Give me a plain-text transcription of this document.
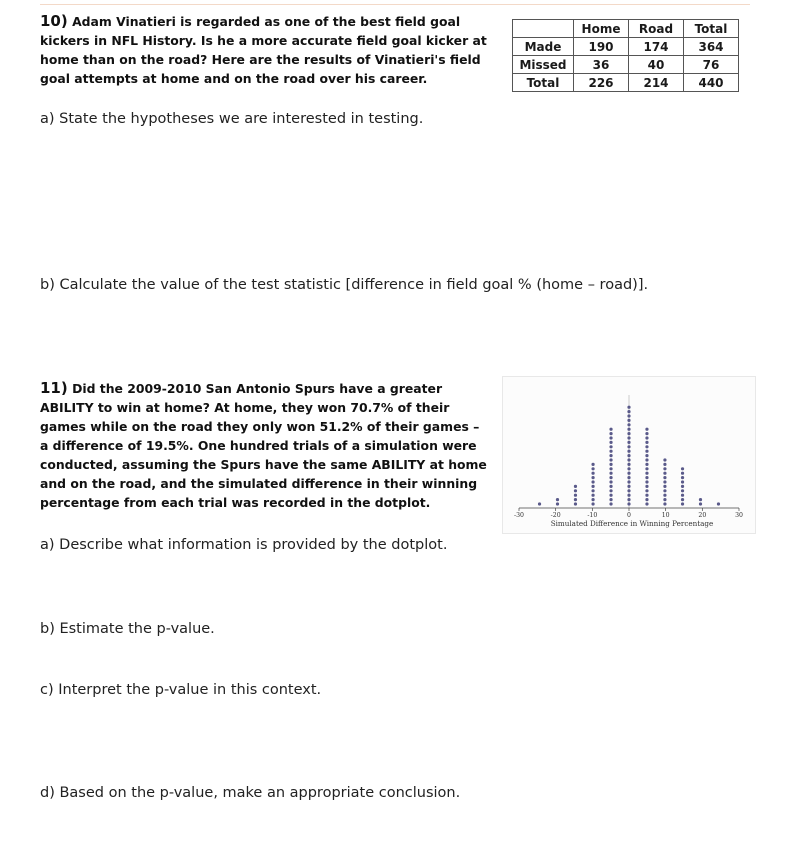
10) Adam Vinatieri is regarded as one of the best field goal kickers in NFL History. Is he a more accurate field goal kicker at home than on the road? Here are the results of Vinatieri's field goal attempts at home and on the road over his career.

	Home	Road	Total
Made	190	174	364
Missed	36	40	76
Total	226	214	440

a) State the hypotheses we are interested in testing.

b) Calculate the value of the test statistic [difference in field goal % (home – road)].

11) Did the 2009-2010 San Antonio Spurs have a greater ABILITY to win at home? At home, they won 70.7% of their games while on the road they only won 51.2% of their games – a difference of 19.5%. One hundred trials of a simulation were conducted, assuming the Spurs have the same ABILITY at home and on the road, and the simulated difference in their winning percentage from each trial was recorded in the dotplot.

-30	-20	-10	0	10	20	30
Simulated Difference in Winning Percentage

a) Describe what information is provided by the dotplot.

b) Estimate the p-value.

c) Interpret the p-value in this context.

d) Based on the p-value, make an appropriate conclusion.
